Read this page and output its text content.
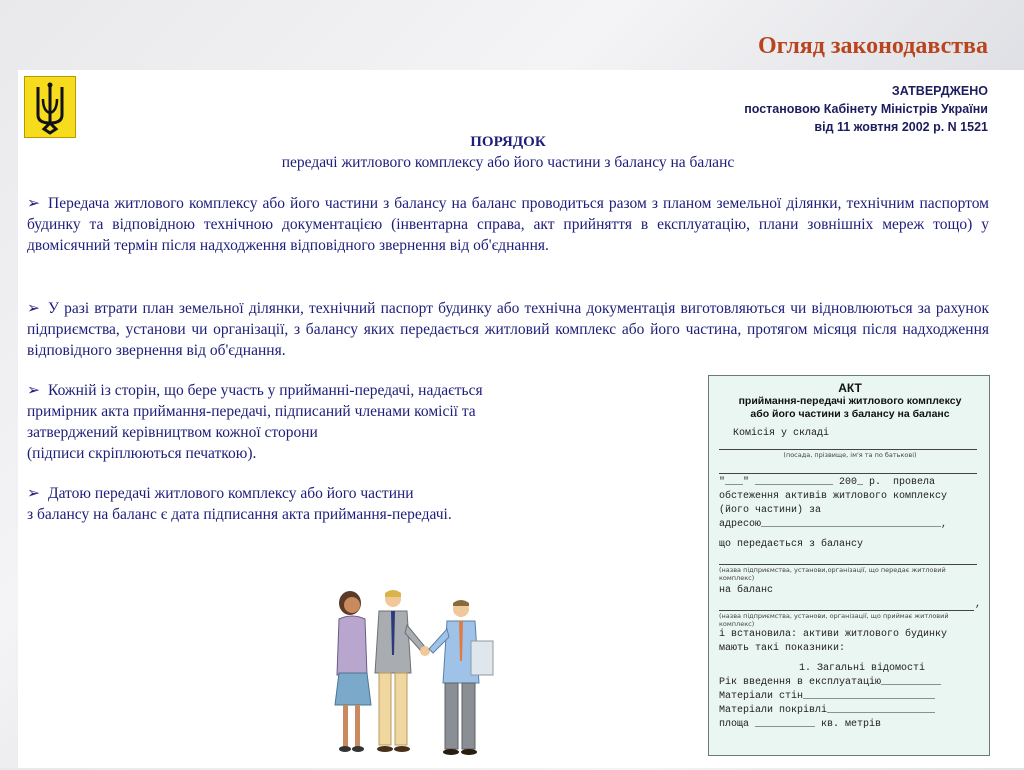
Огляд законодавства
ЗАТВЕРДЖЕНО
постановою Кабінету Міністрів України
від 11 жовтня 2002 р. N 1521
ПОРЯДОК
передачі житлового комплексу або його частини з балансу на баланс

➢ Передача житлового комплексу або його частини з балансу на баланс проводиться разом з планом земельної ділянки, технічним паспортом будинку та відповідною технічною документацією (інвентарна справа, акт прийняття в експлуатацію, плани зовнішніх мереж тощо) у двомісячний термін після надходження відповідного звернення від об'єднання.

➢ У разі втрати план земельної ділянки, технічний паспорт будинку або технічна документація виготовляються чи відновлюються за рахунок підприємства, установи чи організації, з балансу яких передається житловий комплекс або його частина, протягом місяця після надходження відповідного звернення від об'єднання.

➢ Кожній із сторін, що бере участь у прийманні-передачі, надається
примірник акта приймання-передачі, підписаний членами комісії та
затверджений керівництвом кожної сторони
(підписи скріплюються печаткою).
➢ Датою передачі житлового комплексу або його частини
з балансу на баланс є дата підписання акта приймання-передачі.
АКТ
приймання-передачі житлового комплексу
або його частини з балансу на баланс
Комісія у складі
(посада, прізвище, ім'я та по батькові)
"___" _____________ 200_ р.  провела обстеження активів житлового комплексу (його частини) за адресою______________________________,
що передається з балансу
(назва підприємства, установи,організації, що передає житловий комплекс)
на баланс
,
(назва підприємства, установи, організації, що приймає житловий комплекс)
і встановила: активи житлового будинку мають такі показники:
1. Загальні відомості
Рік введення в експлуатацію__________
Матеріали стін______________________
Матеріали покрівлі__________________
площа __________ кв. метрів
